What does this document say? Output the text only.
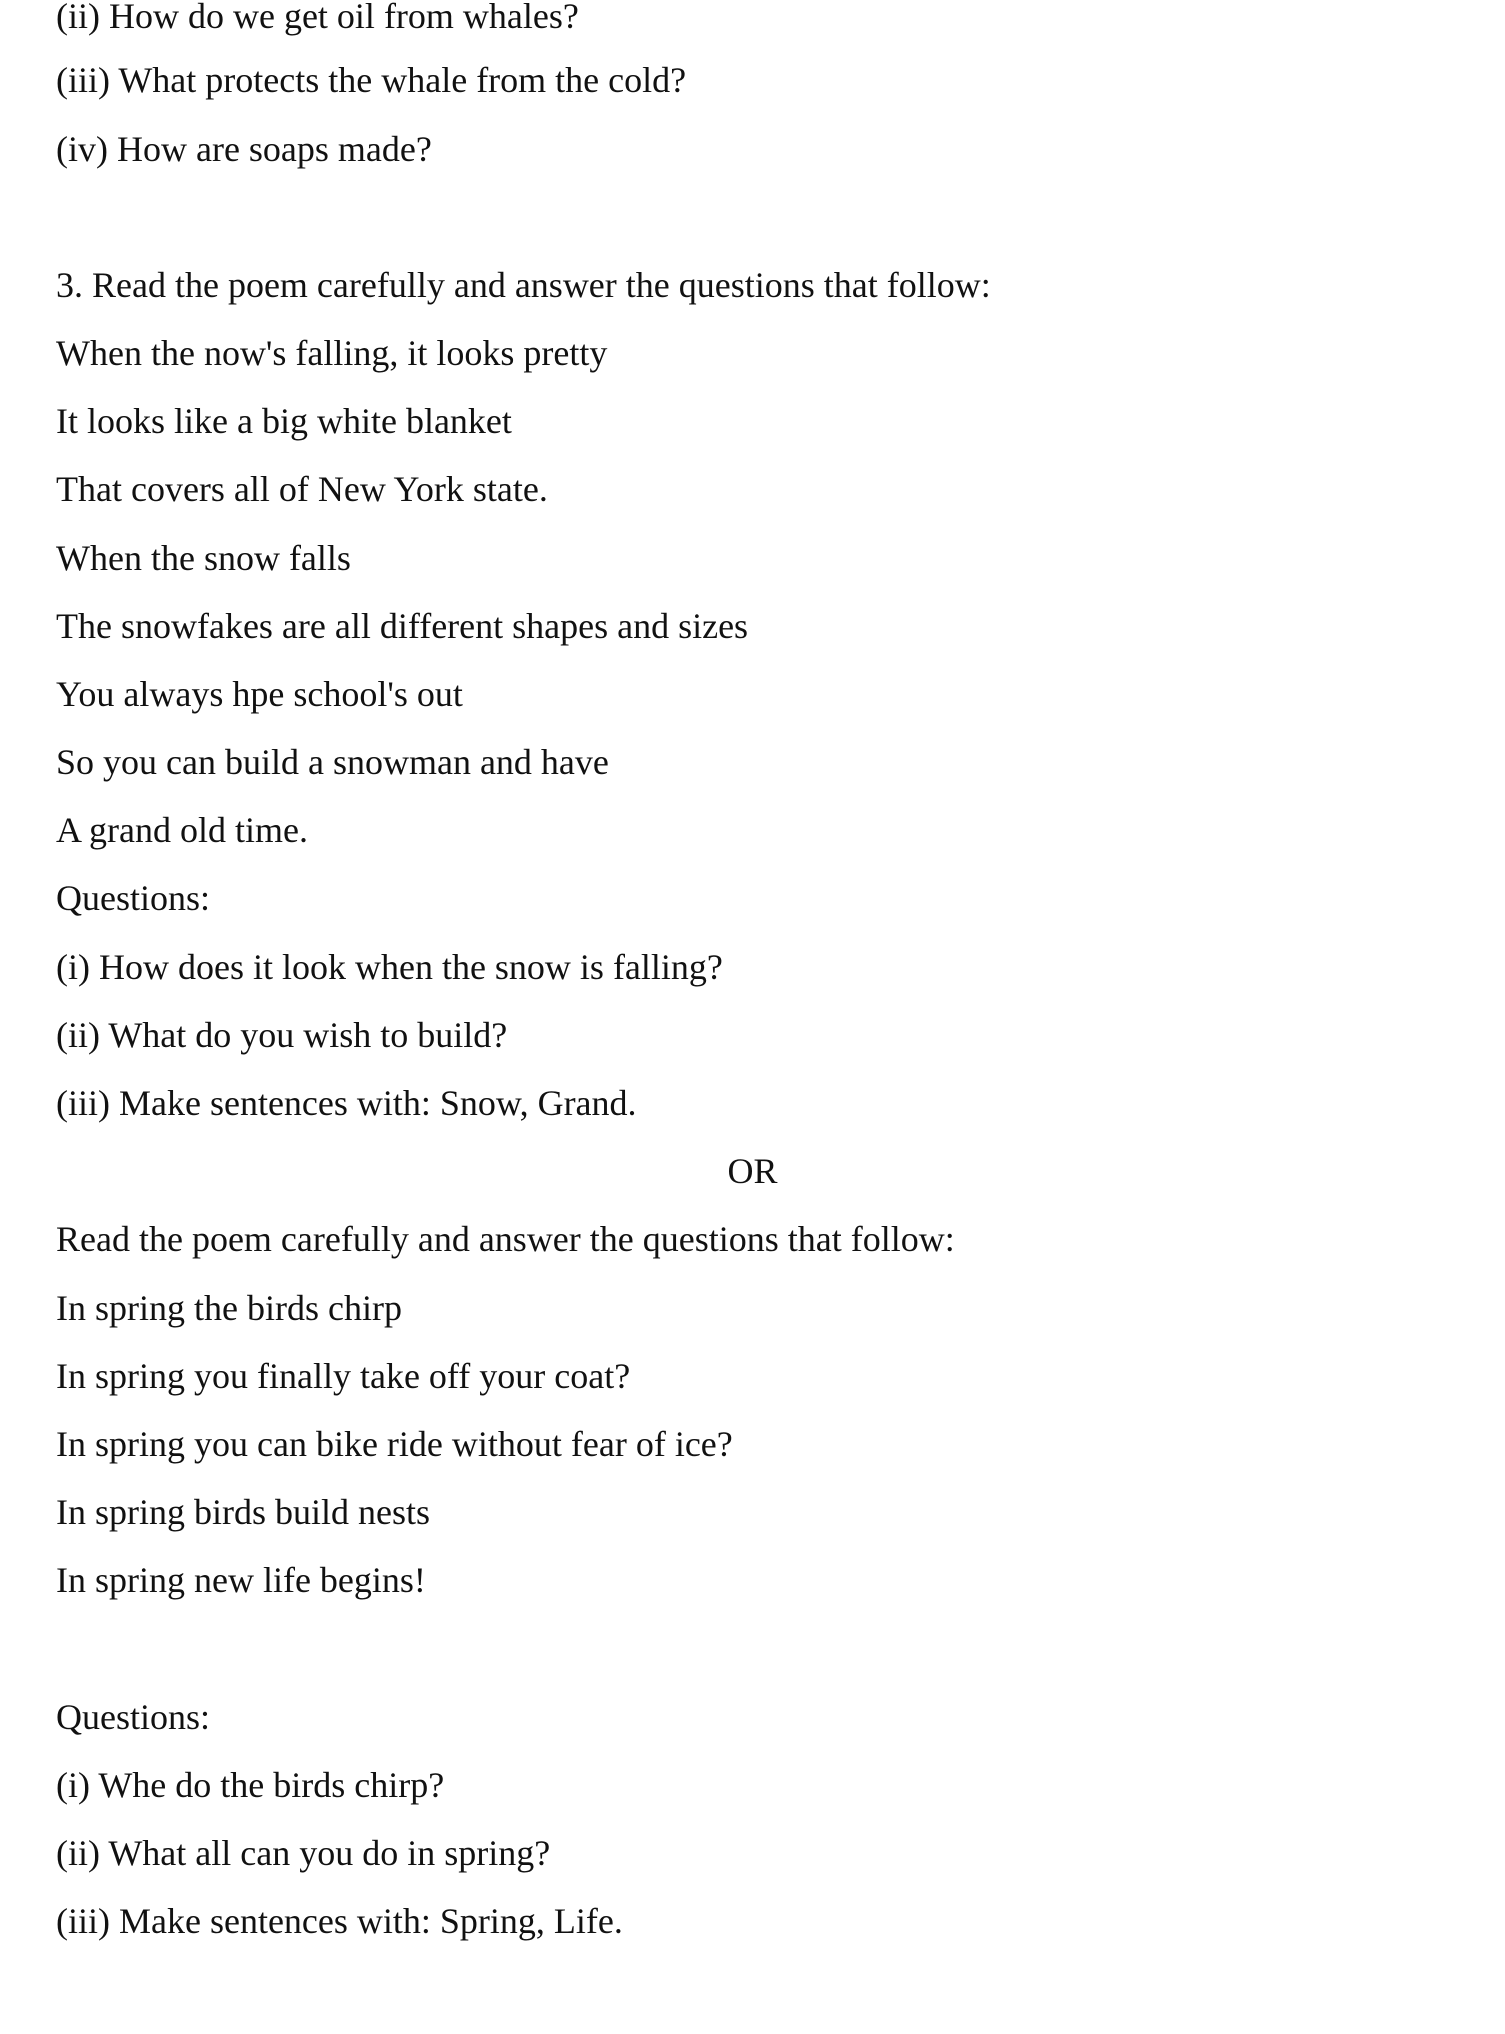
(ii) How do we get oil from whales?
(iii) What protects the whale from the cold?
(iv) How are soaps made?
3. Read the poem carefully and answer the questions that follow:
When the now's falling, it looks pretty
It looks like a big white blanket
That covers all of New York state.
When the snow falls
The snowfakes are all different shapes and sizes
You always hpe school's out
So you can build a snowman and have
A grand old time.
Questions:
(i) How does it look when the snow is falling?
(ii) What do you wish to build?
(iii) Make sentences with: Snow, Grand.
OR
Read the poem carefully and answer the questions that follow:
In spring the birds chirp
In spring you finally take off your coat?
In spring you can bike ride without fear of ice?
In spring birds build nests
In spring new life begins!
Questions:
(i) Whe do the birds chirp?
(ii) What all can you do in spring?
(iii) Make sentences with: Spring, Life.
